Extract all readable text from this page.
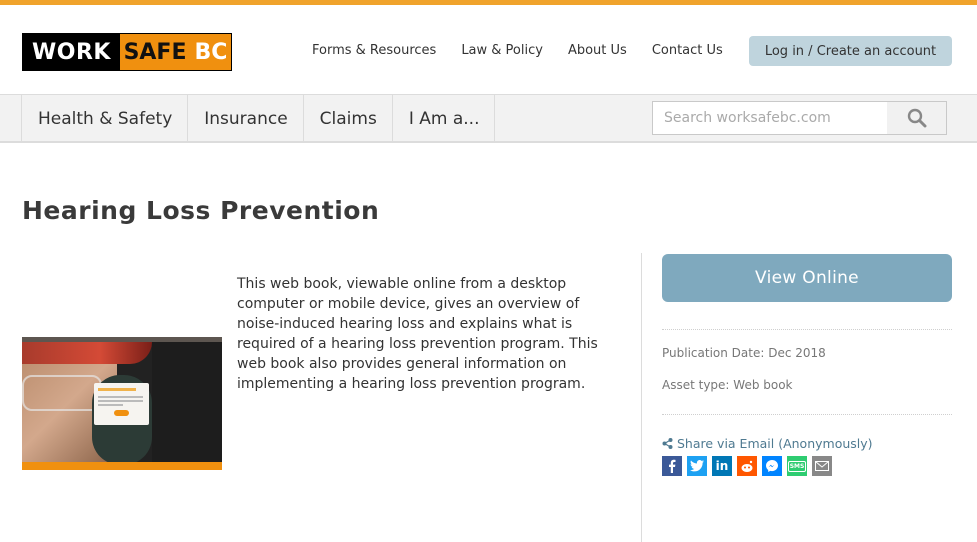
WORK SAFE BC	Forms & Resources Law & Policy About Us Contact Us	Log in / Create an account
Health & Safety	Insurance	Claims	I Am a...
Search worksafebc.com
Hearing Loss Prevention

This web book, viewable online from a desktop computer or mobile device, gives an overview of noise-induced hearing loss and explains what is required of a hearing loss prevention program. This web book also provides general information on implementing a hearing loss prevention program.

View Online
Publication Date: Dec 2018
Asset type: Web book
Share via Email (Anonymously)
in	SMS
